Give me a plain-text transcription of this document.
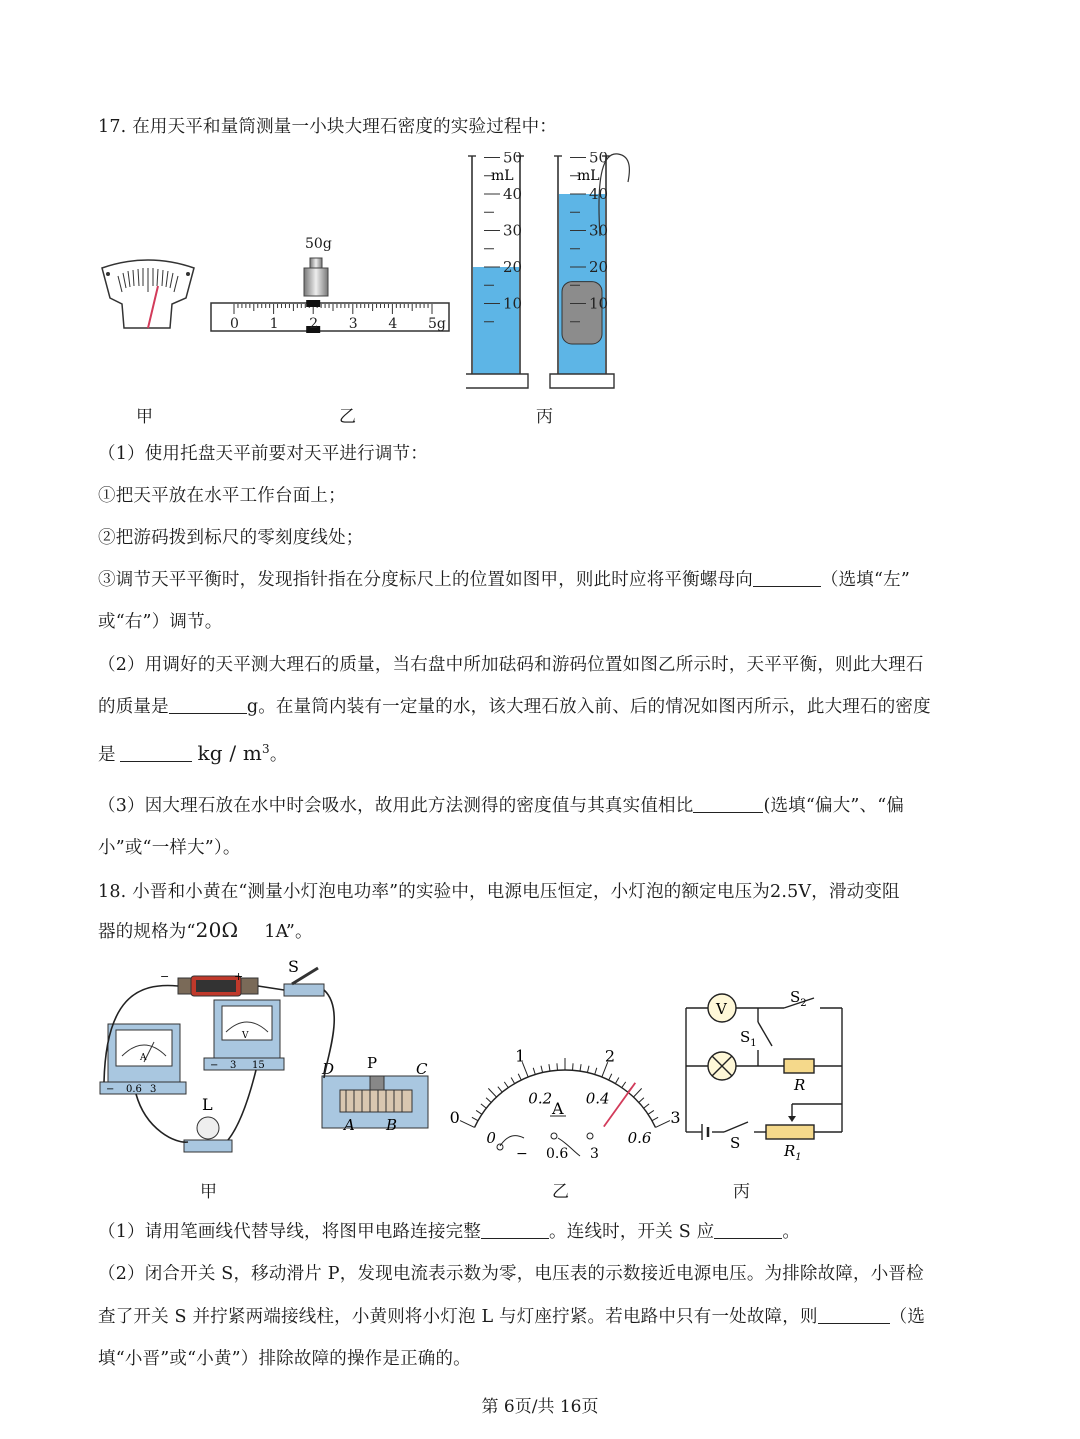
17. 在用天平和量筒测量一小块大理石密度的实验过程中：
50g
0 1 2 3 4 5g
mL
50
40
30
20
10
mL
50
40
30
20
10
甲	乙	丙
（1）使用托盘天平前要对天平进行调节：
①把天平放在水平工作台面上；
②把游码拨到标尺的零刻度线处；
③调节天平平衡时，发现指针指在分度标尺上的位置如图甲，则此时应将平衡螺母向	（选填“左”
或“右”）调节。
（2）用调好的天平测大理石的质量，当右盘中所加砝码和游码位置如图乙所示时，天平平衡，则此大理石
的质量是	g。在量筒内装有一定量的水，该大理石放入前、后的情况如图丙所示，此大理石的密度
是	kg / $m^3$。
（3）因大理石放在水中时会吸水，故用此方法测得的密度值与其真实值相比	(选填“偏大”、“偏
小”或“一样大”）。
18. 小晋和小黄在“测量小灯泡电功率”的实验中，电源电压恒定，小灯泡的额定电压为2.5V，滑动变阻
器的规格为“20Ω 1A”。
−	+
S
A
− 0.6 3
V
− 3 15
L
P	C
D
A B	0
1	2
3
0
0.2 0.4
0.6
A
− 0.6 3
V
$S_2$
$S_1$
R
S	$R_1$
甲	乙	丙
（1）请用笔画线代替导线，将图甲电路连接完整	。连线时，开关 S 应	。
（2）闭合开关 S，移动滑片 P，发现电流表示数为零，电压表的示数接近电源电压。为排除故障，小晋检
查了开关 S 并拧紧两端接线柱，小黄则将小灯泡 L 与灯座拧紧。若电路中只有一处故障，则	（选
填“小晋”或“小黄”）排除故障的操作是正确的。
第 6页/共 16页
